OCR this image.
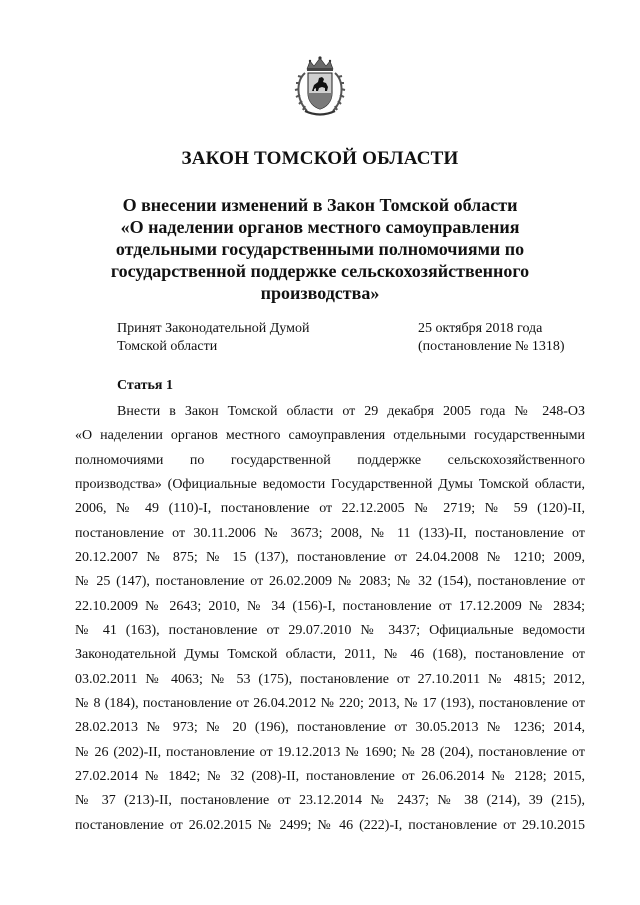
ЗАКОН ТОМСКОЙ ОБЛАСТИ
О внесении изменений в Закон Томской области
«О наделении органов местного самоуправления
отдельными государственными полномочиями по
государственной поддержке сельскохозяйственного
производства»
Принят Законодательной Думой
Томской области
25 октября 2018 года
(постановление № 1318)
Статья 1
Внести в Закон Томской области от 29 декабря 2005 года № 248-ОЗ
«О наделении органов местного самоуправления отдельными государственными
полномочиями по государственной поддержке сельскохозяйственного
производства» (Официальные ведомости Государственной Думы Томской области,
2006, № 49 (110)-I, постановление от 22.12.2005 № 2719; № 59 (120)-II,
постановление от 30.11.2006 № 3673; 2008, № 11 (133)-II, постановление от
20.12.2007 № 875; № 15 (137), постановление от 24.04.2008 № 1210; 2009,
№ 25 (147), постановление от 26.02.2009 № 2083; № 32 (154), постановление от
22.10.2009 № 2643; 2010, № 34 (156)-I, постановление от 17.12.2009 № 2834;
№ 41 (163), постановление от 29.07.2010 № 3437; Официальные ведомости
Законодательной Думы Томской области, 2011, № 46 (168), постановление от
03.02.2011 № 4063; № 53 (175), постановление от 27.10.2011 № 4815; 2012,
№ 8 (184), постановление от 26.04.2012 № 220; 2013, № 17 (193), постановление от
28.02.2013 № 973; № 20 (196), постановление от 30.05.2013 № 1236; 2014,
№ 26 (202)-II, постановление от 19.12.2013 № 1690; № 28 (204), постановление от
27.02.2014 № 1842; № 32 (208)-II, постановление от 26.06.2014 № 2128; 2015,
№ 37 (213)-II, постановление от 23.12.2014 № 2437; № 38 (214), 39 (215),
постановление от 26.02.2015 № 2499; № 46 (222)-I, постановление от 29.10.2015
